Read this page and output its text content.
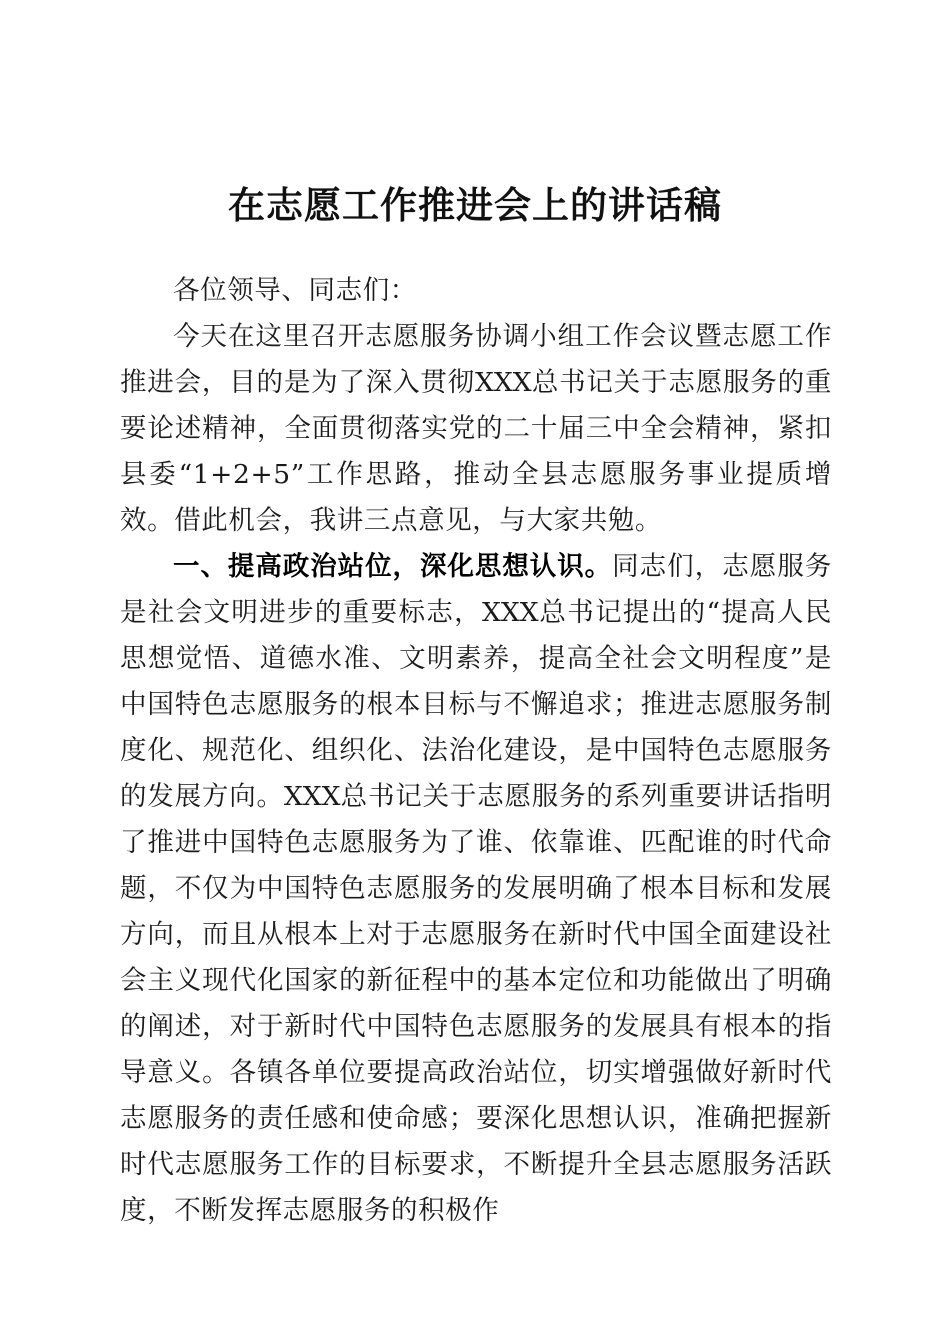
在志愿工作推进会上的讲话稿

各位领导、同志们：

今天在这里召开志愿服务协调小组工作会议暨志愿工作推进会，目的是为了深入贯彻XXX总书记关于志愿服务的重要论述精神，全面贯彻落实党的二十届三中全会精神，紧扣县委“1+2+5”工作思路，推动全县志愿服务事业提质增效。借此机会，我讲三点意见，与大家共勉。

一、提高政治站位，深化思想认识。同志们，志愿服务是社会文明进步的重要标志，XXX总书记提出的“提高人民思想觉悟、道德水准、文明素养，提高全社会文明程度”是中国特色志愿服务的根本目标与不懈追求；推进志愿服务制度化、规范化、组织化、法治化建设，是中国特色志愿服务的发展方向。XXX总书记关于志愿服务的系列重要讲话指明了推进中国特色志愿服务为了谁、依靠谁、匹配谁的时代命题，不仅为中国特色志愿服务的发展明确了根本目标和发展方向，而且从根本上对于志愿服务在新时代中国全面建设社会主义现代化国家的新征程中的基本定位和功能做出了明确的阐述，对于新时代中国特色志愿服务的发展具有根本的指导意义。各镇各单位要提高政治站位，切实增强做好新时代志愿服务的责任感和使命感；要深化思想认识，准确把握新时代志愿服务工作的目标要求，不断提升全县志愿服务活跃度，不断发挥志愿服务的积极作
